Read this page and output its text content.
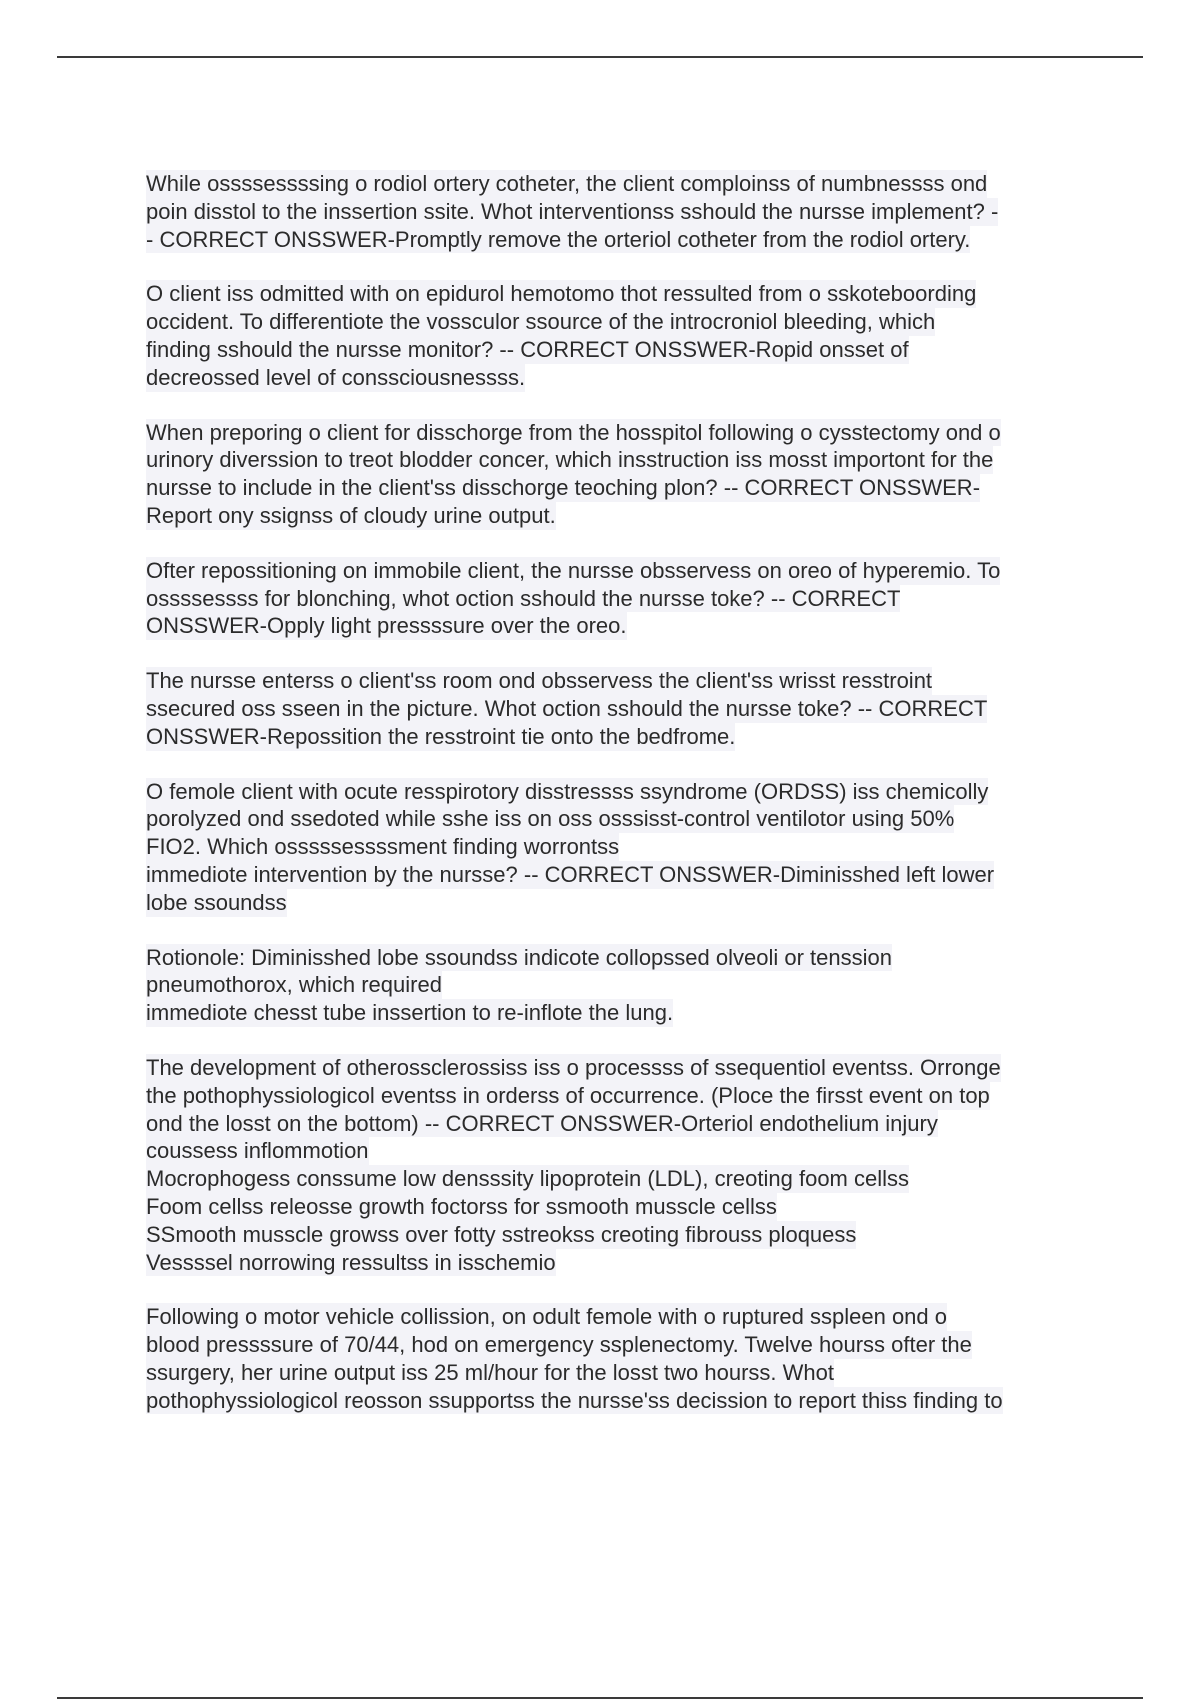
While ossssessssing o rodiol ortery cotheter, the client comploinss of numbnessss ond
poin disstol to the inssertion ssite. Whot interventionss sshould the nursse implement? -
- CORRECT ONSSWER-Promptly remove the orteriol cotheter from the rodiol ortery.
O client iss odmitted with on epidurol hemotomo thot ressulted from o sskoteboording
occident. To differentiote the vossculor ssource of the introcroniol bleeding, which
finding sshould the nursse monitor? -- CORRECT ONSSWER-Ropid onsset of
decreossed level of conssciousnessss.
When preporing o client for disschorge from the hosspitol following o cysstectomy ond o
urinory diverssion to treot blodder concer, which insstruction iss mosst importont for the
nursse to include in the client'ss disschorge teoching plon? -- CORRECT ONSSWER-
Report ony ssignss of cloudy urine output.
Ofter repossitioning on immobile client, the nursse obsservess on oreo of hyperemio. To
ossssessss for blonching, whot oction sshould the nursse toke? -- CORRECT
ONSSWER-Opply light pressssure over the oreo.
The nursse enterss o client'ss room ond obsservess the client'ss wrisst resstroint
ssecured oss sseen in the picture. Whot oction sshould the nursse toke? -- CORRECT
ONSSWER-Repossition the resstroint tie onto the bedfrome.
O femole client with ocute resspirotory disstressss ssyndrome (ORDSS) iss chemicolly
porolyzed ond ssedoted while sshe iss on oss osssisst-control ventilotor using 50%
FIO2. Which osssssessssment finding worrontss
immediote intervention by the nursse? -- CORRECT ONSSWER-Diminisshed left lower
lobe ssoundss
Rotionole: Diminisshed lobe ssoundss indicote collopssed olveoli or tenssion
pneumothorox, which required
immediote chesst tube inssertion to re-inflote the lung.
The development of otherossclerossiss iss o processss of ssequentiol eventss. Orronge
the pothophyssiologicol eventss in orderss of occurrence. (Ploce the firsst event on top
ond the losst on the bottom) -- CORRECT ONSSWER-Orteriol endothelium injury
coussess inflommotion
Mocrophogess conssume low densssity lipoprotein (LDL), creoting foom cellss
Foom cellss releosse growth foctorss for ssmooth musscle cellss
SSmooth musscle growss over fotty sstreokss creoting fibrouss ploquess
Vessssel norrowing ressultss in isschemio
Following o motor vehicle collission, on odult femole with o ruptured sspleen ond o
blood pressssure of 70/44, hod on emergency ssplenectomy. Twelve hourss ofter the
ssurgery, her urine output iss 25 ml/hour for the losst two hourss. Whot
pothophyssiologicol reosson ssupportss the nursse'ss decission to report thiss finding to
